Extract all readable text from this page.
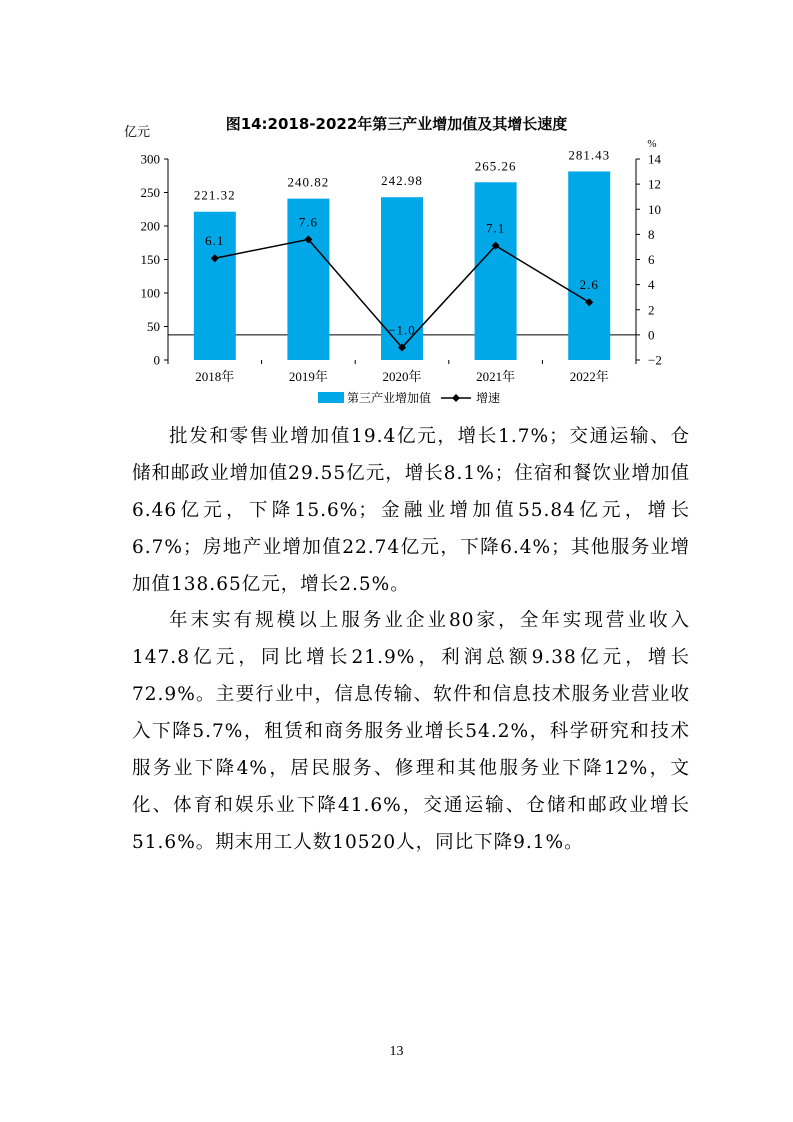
图14:2018-2022年第三产业增加值及其增长速度
0
50
100
150
200
250
300
−2
0
2
4
6
8
10
12
14
亿元
%
2018年	2019年	2020年	2021年	2022年
221.32
240.82	242.98
265.26
281.43
6.1
7.6
−1.0
7.1
2.6
第三产业增加值	增速

批发和零售业增加值19.4亿元，增长1.7%；交通运输、仓储和邮政业增加值29.55亿元，增长8.1%；住宿和餐饮业增加值6.46亿元，下降15.6%；金融业增加值55.84亿元，增长6.7%；房地产业增加值22.74亿元，下降6.4%；其他服务业增加值138.65亿元，增长2.5%。

年末实有规模以上服务业企业80家，全年实现营业收入147.8亿元，同比增长21.9%，利润总额9.38亿元，增长72.9%。主要行业中，信息传输、软件和信息技术服务业营业收入下降5.7%，租赁和商务服务业增长54.2%，科学研究和技术服务业下降4%，居民服务、修理和其他服务业下降12%，文化、体育和娱乐业下降41.6%，交通运输、仓储和邮政业增长51.6%。期末用工人数10520人，同比下降9.1%。

13
